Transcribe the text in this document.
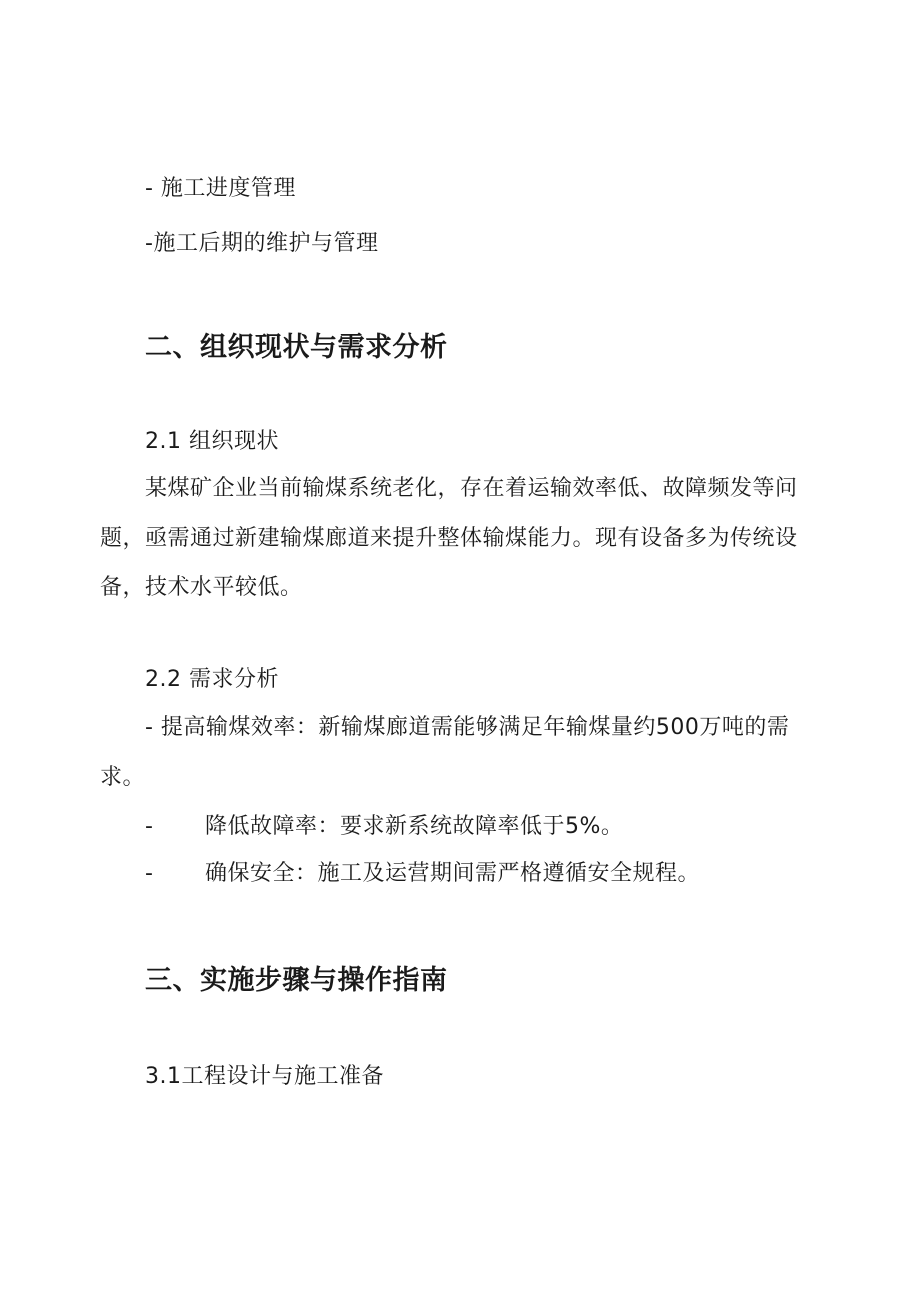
- 施工进度管理
-施工后期的维护与管理
二、组织现状与需求分析
2.1 组织现状
某煤矿企业当前输煤系统老化，存在着运输效率低、故障频发等问
题，亟需通过新建输煤廊道来提升整体输煤能力。现有设备多为传统设
备，技术水平较低。
2.2 需求分析
- 提高输煤效率：新输煤廊道需能够满足年输煤量约500万吨的需
求。
- 降低故障率：要求新系统故障率低于5%。
- 确保安全：施工及运营期间需严格遵循安全规程。
三、实施步骤与操作指南
3.1工程设计与施工准备
